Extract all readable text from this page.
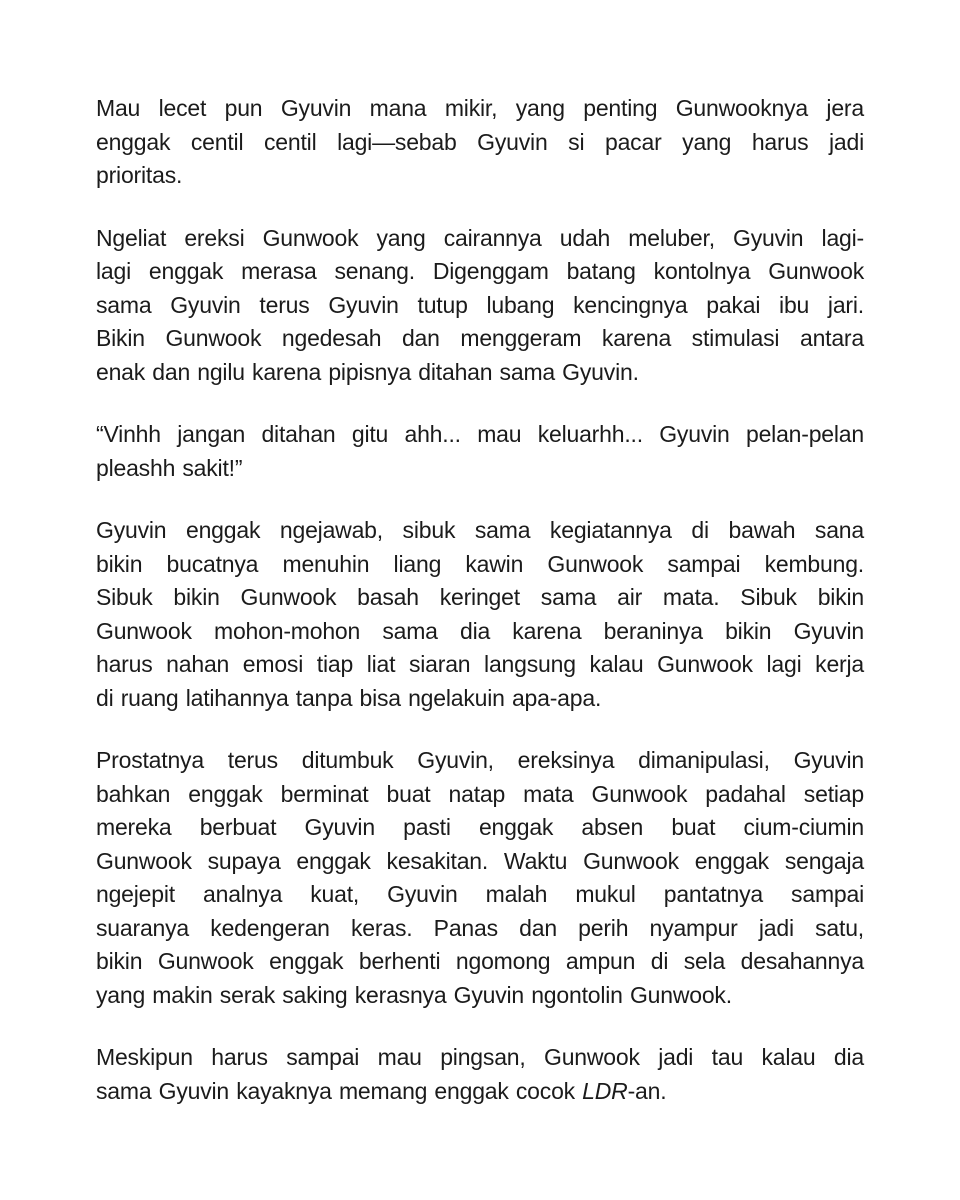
Mau lecet pun Gyuvin mana mikir, yang penting Gunwooknya jera
enggak centil centil lagi—sebab Gyuvin si pacar yang harus jadi
prioritas.
Ngeliat ereksi Gunwook yang cairannya udah meluber, Gyuvin lagi-
lagi enggak merasa senang. Digenggam batang kontolnya Gunwook
sama Gyuvin terus Gyuvin tutup lubang kencingnya pakai ibu jari.
Bikin Gunwook ngedesah dan menggeram karena stimulasi antara
enak dan ngilu karena pipisnya ditahan sama Gyuvin.
“Vinhh jangan ditahan gitu ahh... mau keluarhh... Gyuvin pelan-pelan
pleashh sakit!”
Gyuvin enggak ngejawab, sibuk sama kegiatannya di bawah sana
bikin bucatnya menuhin liang kawin Gunwook sampai kembung.
Sibuk bikin Gunwook basah keringet sama air mata. Sibuk bikin
Gunwook mohon-mohon sama dia karena beraninya bikin Gyuvin
harus nahan emosi tiap liat siaran langsung kalau Gunwook lagi kerja
di ruang latihannya tanpa bisa ngelakuin apa-apa.
Prostatnya terus ditumbuk Gyuvin, ereksinya dimanipulasi, Gyuvin
bahkan enggak berminat buat natap mata Gunwook padahal setiap
mereka berbuat Gyuvin pasti enggak absen buat cium-ciumin
Gunwook supaya enggak kesakitan. Waktu Gunwook enggak sengaja
ngejepit analnya kuat, Gyuvin malah mukul pantatnya sampai
suaranya kedengeran keras. Panas dan perih nyampur jadi satu,
bikin Gunwook enggak berhenti ngomong ampun di sela desahannya
yang makin serak saking kerasnya Gyuvin ngontolin Gunwook.
Meskipun harus sampai mau pingsan, Gunwook jadi tau kalau dia
sama Gyuvin kayaknya memang enggak cocok LDR-an.
